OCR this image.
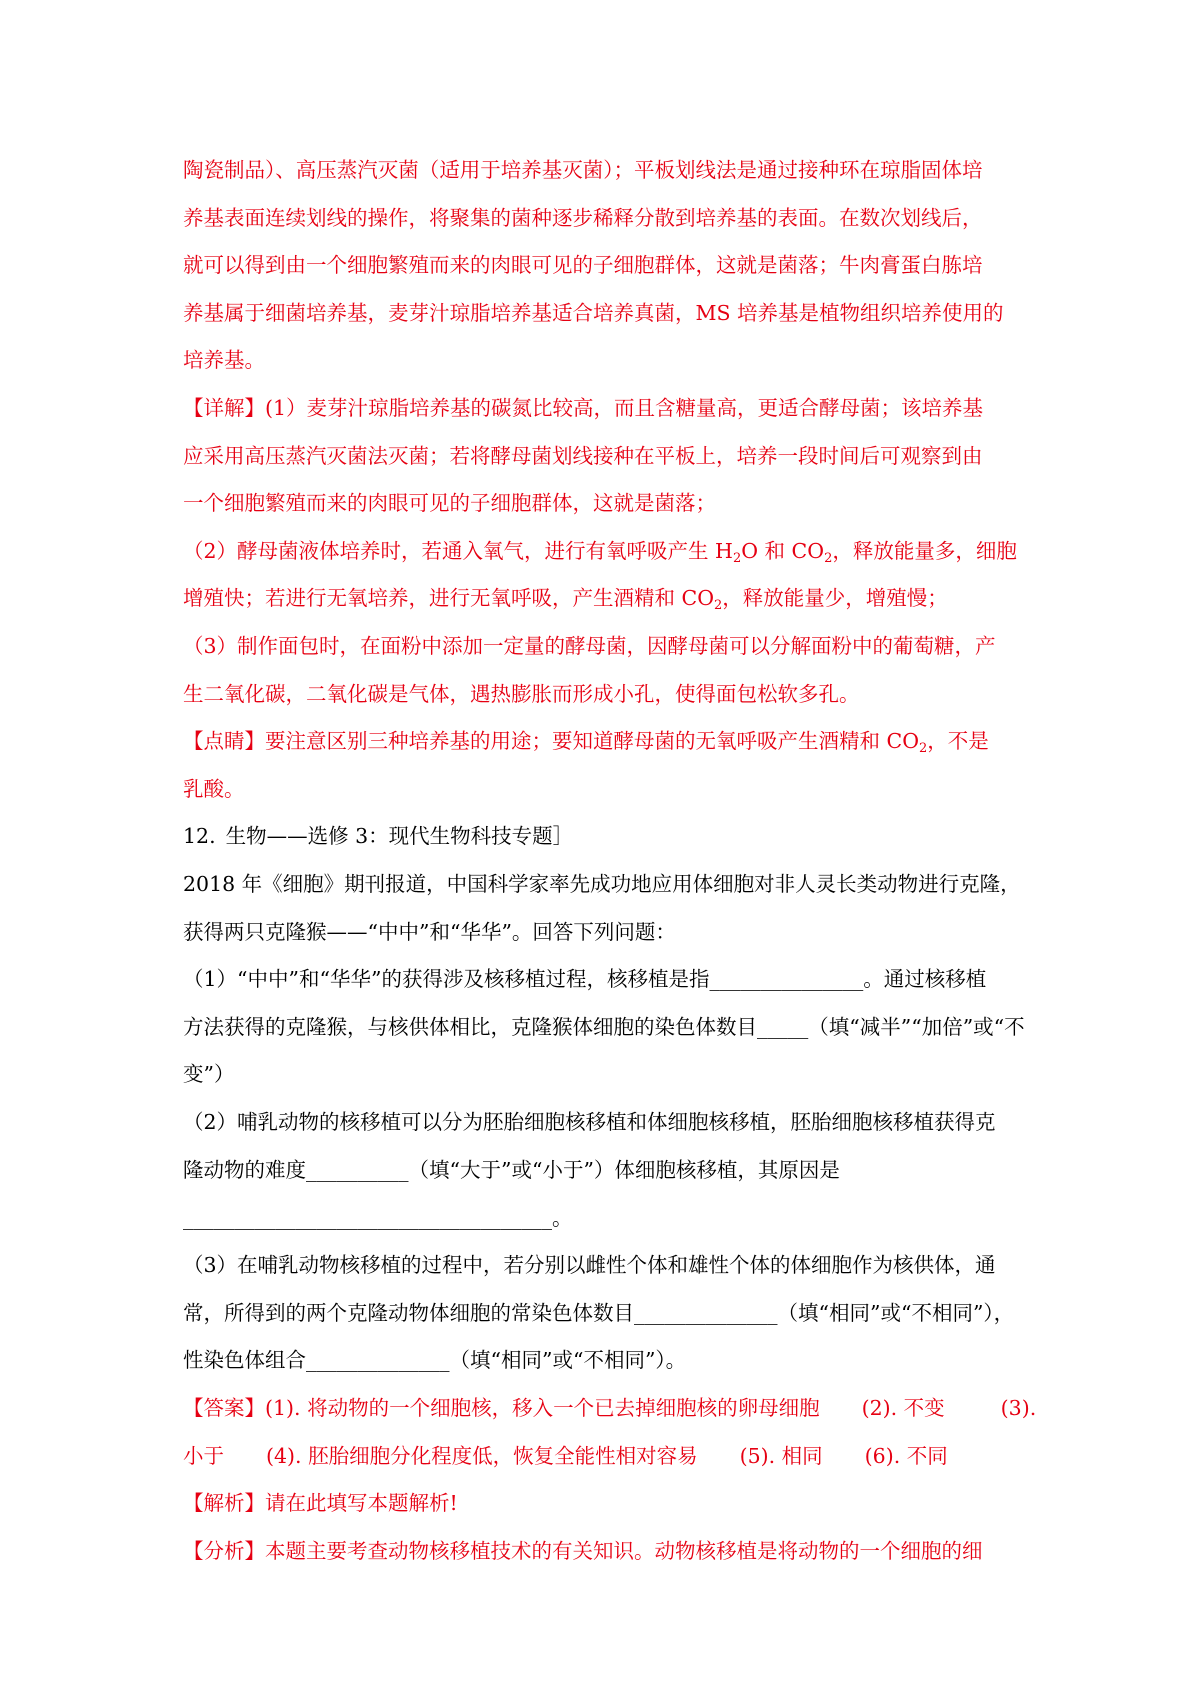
陶瓷制品）、高压蒸汽灭菌（适用于培养基灭菌）；平板划线法是通过接种环在琼脂固体培
养基表面连续划线的操作，将聚集的菌种逐步稀释分散到培养基的表面。在数次划线后，
就可以得到由一个细胞繁殖而来的肉眼可见的子细胞群体，这就是菌落；牛肉膏蛋白胨培
养基属于细菌培养基，麦芽汁琼脂培养基适合培养真菌，MS 培养基是植物组织培养使用的
培养基。
【详解】(1）麦芽汁琼脂培养基的碳氮比较高，而且含糖量高，更适合酵母菌；该培养基
应采用高压蒸汽灭菌法灭菌；若将酵母菌划线接种在平板上，培养一段时间后可观察到由
一个细胞繁殖而来的肉眼可见的子细胞群体，这就是菌落；
（2）酵母菌液体培养时，若通入氧气，进行有氧呼吸产生 $H_2O$ 和 $CO_2$，释放能量多，细胞
增殖快；若进行无氧培养，进行无氧呼吸，产生酒精和 $CO_2$，释放能量少，增殖慢；
（3）制作面包时，在面粉中添加一定量的酵母菌，因酵母菌可以分解面粉中的葡萄糖，产
生二氧化碳，二氧化碳是气体，遇热膨胀而形成小孔，使得面包松软多孔。
【点睛】要注意区别三种培养基的用途；要知道酵母菌的无氧呼吸产生酒精和 $CO_2$，不是
乳酸。
12. 生物——选修 3：现代生物科技专题］
2018 年《细胞》期刊报道，中国科学家率先成功地应用体细胞对非人灵长类动物进行克隆，
获得两只克隆猴——“中中”和“华华”。回答下列问题：
（1）“中中”和“华华”的获得涉及核移植过程，核移植是指_______________。通过核移植
方法获得的克隆猴，与核供体相比，克隆猴体细胞的染色体数目_____（填“减半”“加倍”或“不
变”）
（2）哺乳动物的核移植可以分为胚胎细胞核移植和体细胞核移植，胚胎细胞核移植获得克
隆动物的难度__________（填“大于”或“小于”）体细胞核移植，其原因是
____________________________________。
（3）在哺乳动物核移植的过程中，若分别以雌性个体和雄性个体的体细胞作为核供体，通
常，所得到的两个克隆动物体细胞的常染色体数目______________（填“相同”或“不相同”），
性染色体组合______________（填“相同”或“不相同”）。
【答案】(1). 将动物的一个细胞核，移入一个已去掉细胞核的卵母细胞 (2). 不变	(3).
小于 (4). 胚胎细胞分化程度低，恢复全能性相对容易 (5). 相同 (6). 不同
【解析】请在此填写本题解析!
【分析】本题主要考查动物核移植技术的有关知识。动物核移植是将动物的一个细胞的细
